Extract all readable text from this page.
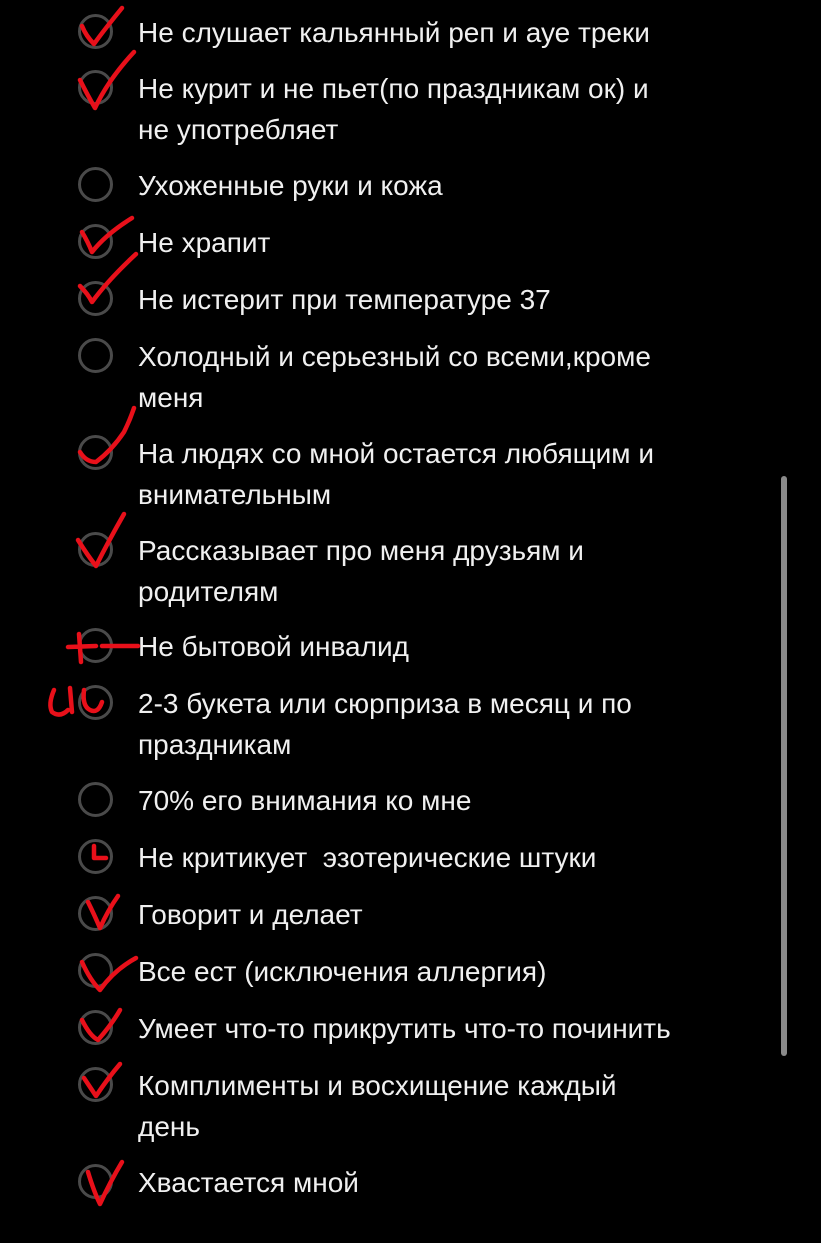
Не слушает кальянный реп и ауе треки
Не курит и не пьет(по праздникам ок) и
не употребляет
Ухоженные руки и кожа
Не храпит
Не истерит при температуре 37
Холодный и серьезный со всеми,кроме
меня
На людях со мной остается любящим и
внимательным
Рассказывает про меня друзьям и
родителям
Не бытовой инвалид
2-3 букета или сюрприза в месяц и по
праздникам
70% его внимания ко мне
Не критикует  эзотерические штуки
Говорит и делает
Все ест (исключения аллергия)
Умеет что-то прикрутить что-то починить
Комплименты и восхищение каждый
день
Хвастается мной
